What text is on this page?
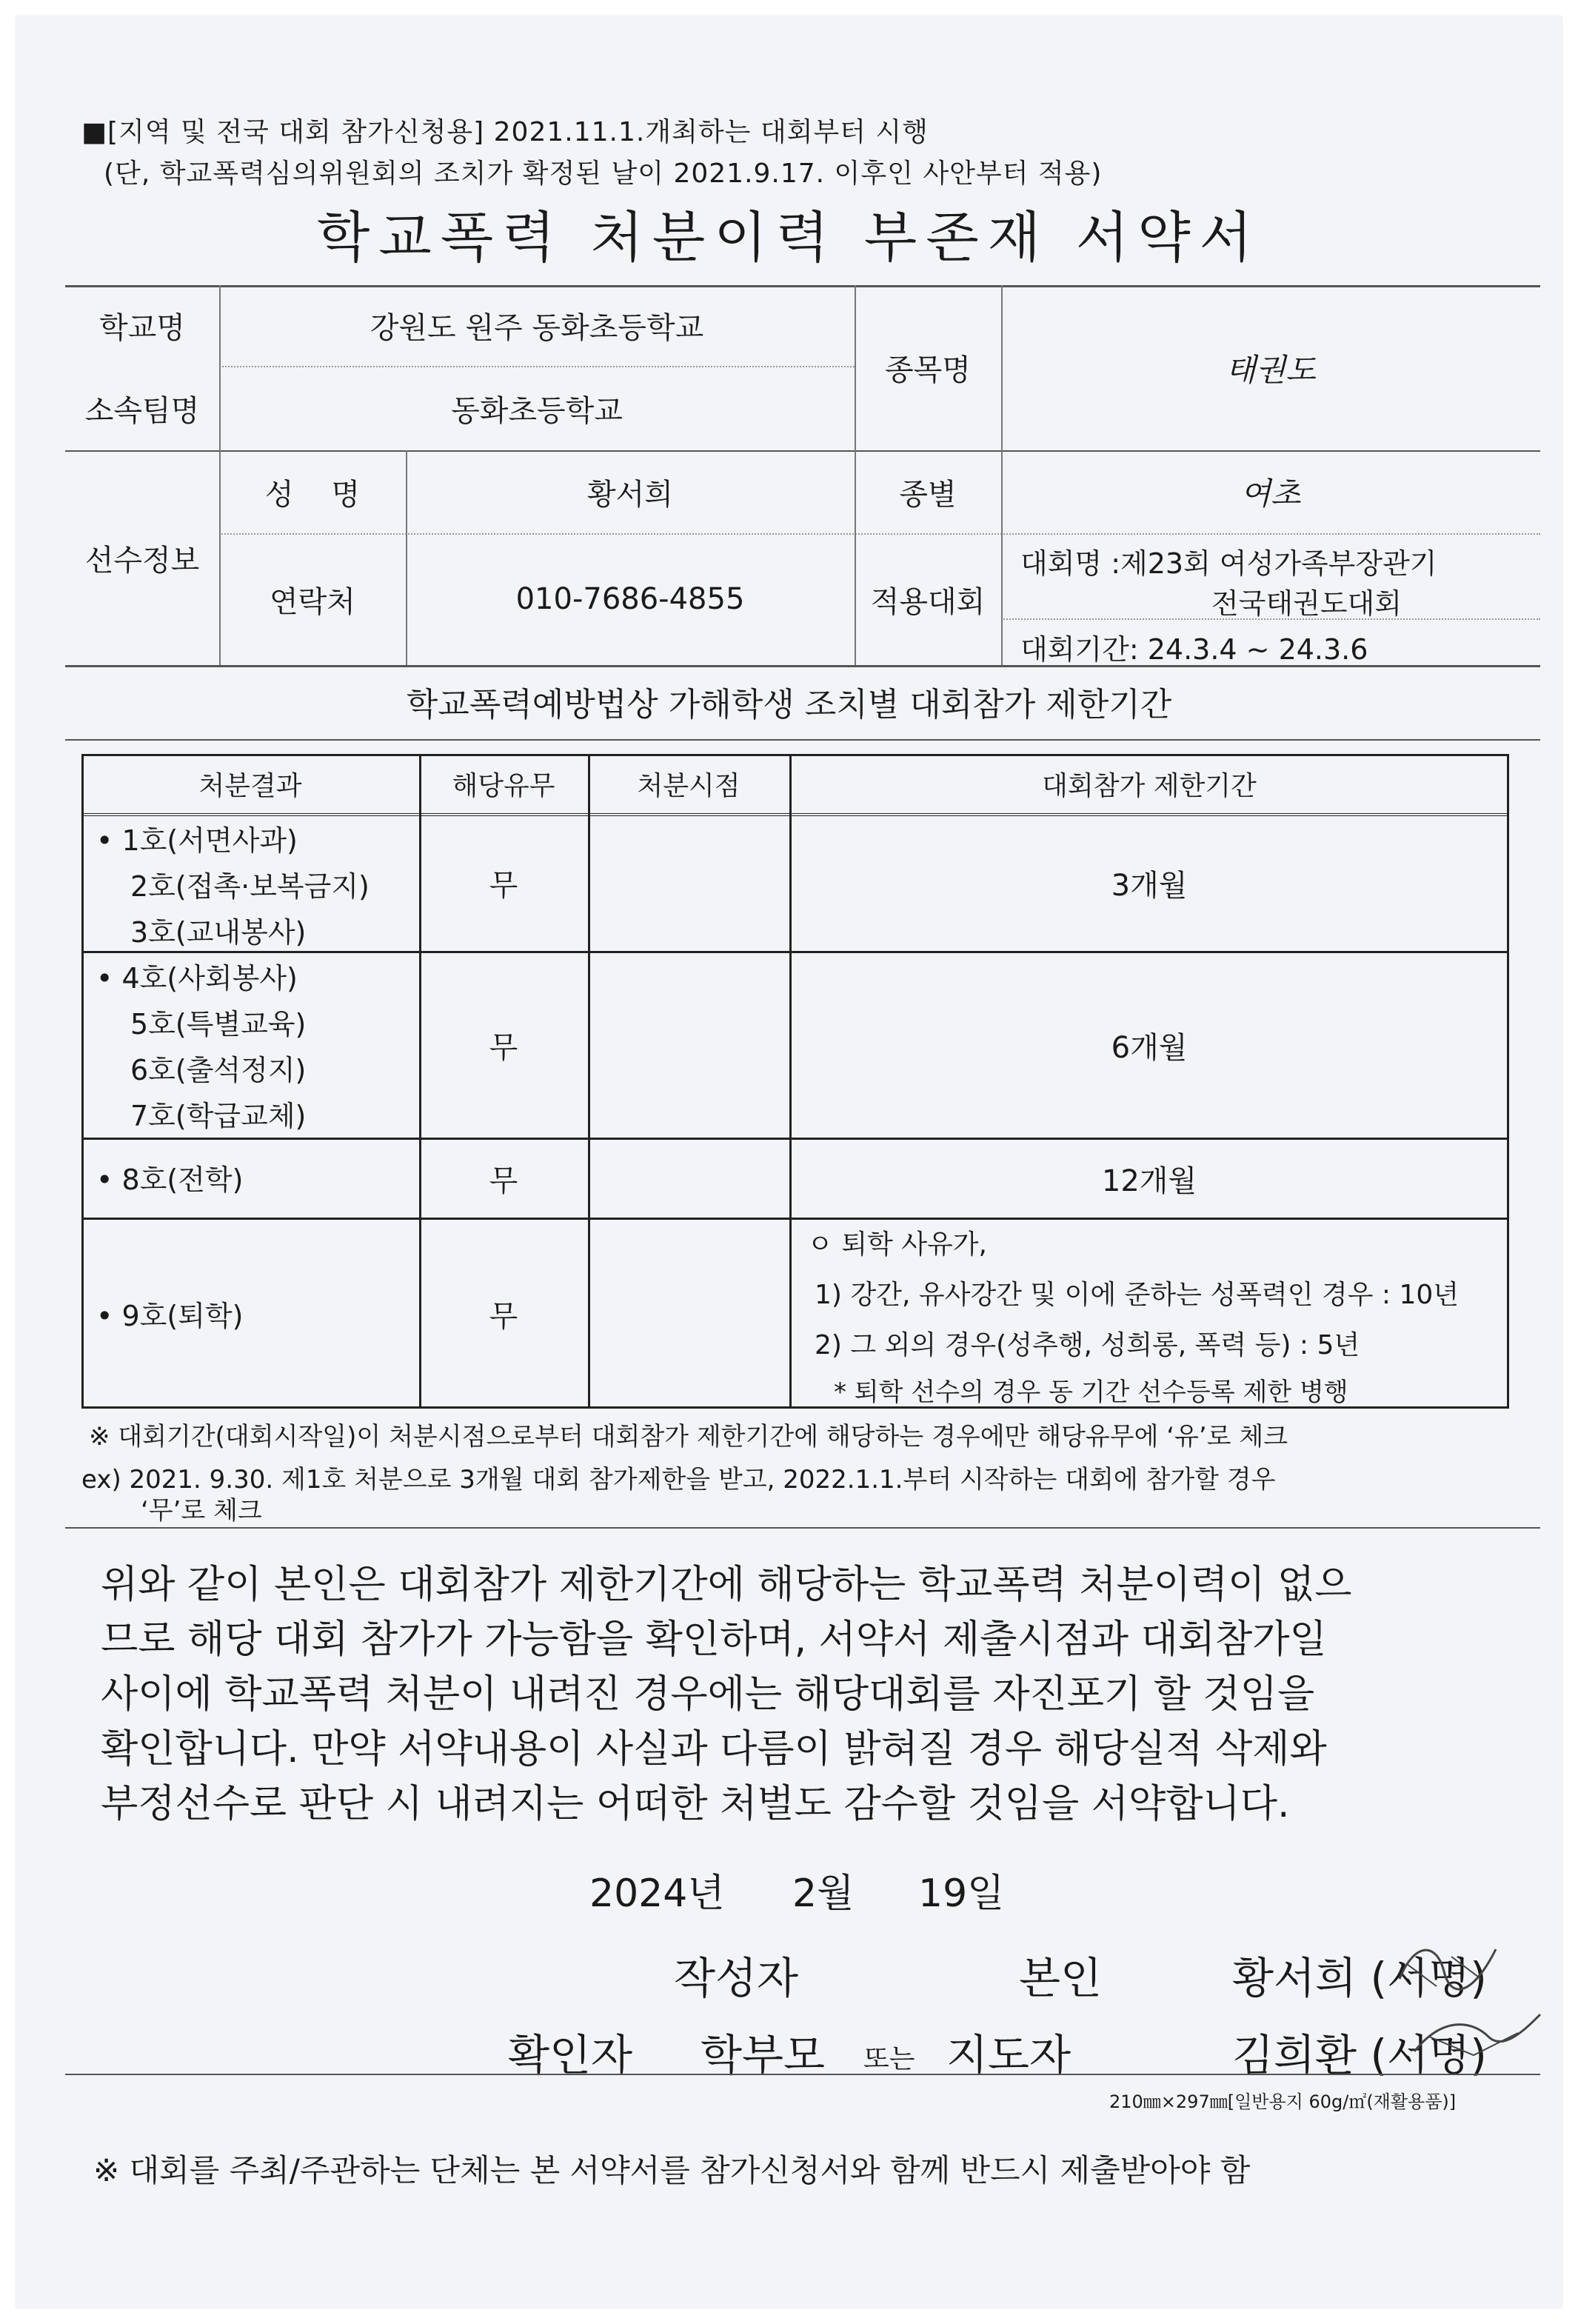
■[지역 및 전국 대회 참가신청용] 2021.11.1.개최하는 대회부터 시행
(단, 학교폭력심의위원회의 조치가 확정된 날이 2021.9.17. 이후인 사안부터 적용)
학교폭력 처분이력 부존재 서약서
학교명	강원도 원주 동화초등학교
소속팀명	동화초등학교
종목명	태권도
선수정보
성    명	황서희	종별	여초
연락처	010-7686-4855	적용대회
대회명 :제23회 여성가족부장관기
전국태권도대회
대회기간: 24.3.4 ~ 24.3.6
학교폭력예방법상 가해학생 조치별 대회참가 제한기간
처분결과	해당유무	처분시점	대회참가 제한기간
• 1호(서면사과)
2호(접촉·보복금지)
3호(교내봉사)
무	3개월
• 4호(사회봉사)
5호(특별교육)
6호(출석정지)
7호(학급교체)
무	6개월
• 8호(전학)	무	12개월
• 9호(퇴학)	무
ㅇ 퇴학 사유가,
1) 강간, 유사강간 및 이에 준하는 성폭력인 경우 : 10년
2) 그 외의 경우(성추행, 성희롱, 폭력 등) : 5년
* 퇴학 선수의 경우 동 기간 선수등록 제한 병행
※ 대회기간(대회시작일)이 처분시점으로부터 대회참가 제한기간에 해당하는 경우에만 해당유무에 ‘유’로 체크
ex) 2021. 9.30. 제1호 처분으로 3개월 대회 참가제한을 받고, 2022.1.1.부터 시작하는 대회에 참가할 경우
‘무’로 체크
위와 같이 본인은 대회참가 제한기간에 해당하는 학교폭력 처분이력이 없으
므로 해당 대회 참가가 가능함을 확인하며, 서약서 제출시점과 대회참가일
사이에 학교폭력 처분이 내려진 경우에는 해당대회를 자진포기 할 것임을
확인합니다. 만약 서약내용이 사실과 다름이 밝혀질 경우 해당실적 삭제와
부정선수로 판단 시 내려지는 어떠한 처벌도 감수할 것임을 서약합니다.
2024년 2월 19일
작성자	본인	황서희 (서명)
확인자 학부모 또는 지도자	김희환 (서명)
210㎜×297㎜[일반용지 60g/㎡(재활용품)]
※ 대회를 주최/주관하는 단체는 본 서약서를 참가신청서와 함께 반드시 제출받아야 함
